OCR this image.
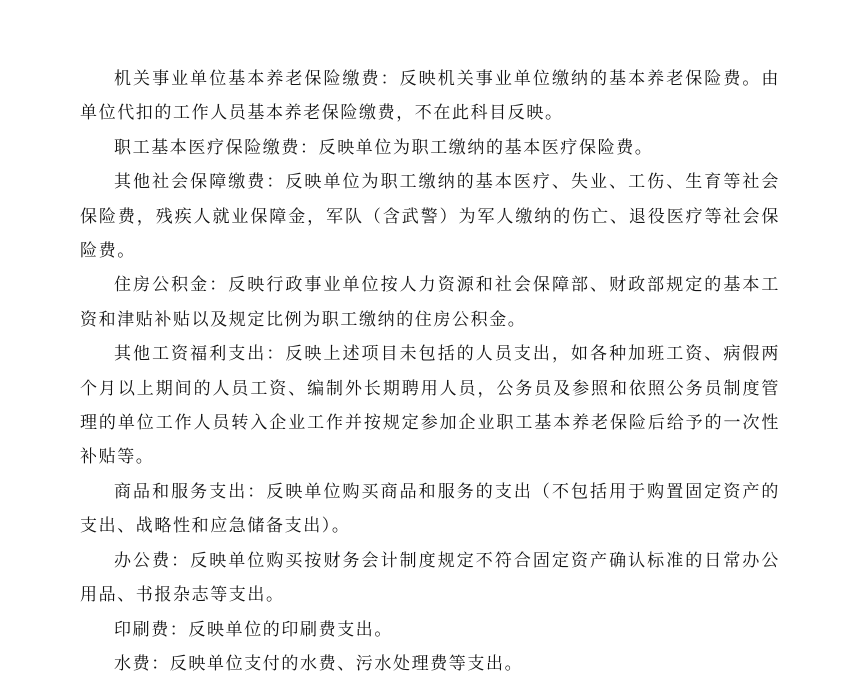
机关事业单位基本养老保险缴费：反映机关事业单位缴纳的基本养老保险费。由单位代扣的工作人员基本养老保险缴费，不在此科目反映。

职工基本医疗保险缴费：反映单位为职工缴纳的基本医疗保险费。

其他社会保障缴费：反映单位为职工缴纳的基本医疗、失业、工伤、生育等社会保险费，残疾人就业保障金，军队（含武警）为军人缴纳的伤亡、退役医疗等社会保险费。

住房公积金：反映行政事业单位按人力资源和社会保障部、财政部规定的基本工资和津贴补贴以及规定比例为职工缴纳的住房公积金。

其他工资福利支出：反映上述项目未包括的人员支出，如各种加班工资、病假两个月以上期间的人员工资、编制外长期聘用人员，公务员及参照和依照公务员制度管理的单位工作人员转入企业工作并按规定参加企业职工基本养老保险后给予的一次性补贴等。

商品和服务支出：反映单位购买商品和服务的支出（不包括用于购置固定资产的支出、战略性和应急储备支出）。

办公费：反映单位购买按财务会计制度规定不符合固定资产确认标准的日常办公用品、书报杂志等支出。

印刷费：反映单位的印刷费支出。

水费：反映单位支付的水费、污水处理费等支出。
